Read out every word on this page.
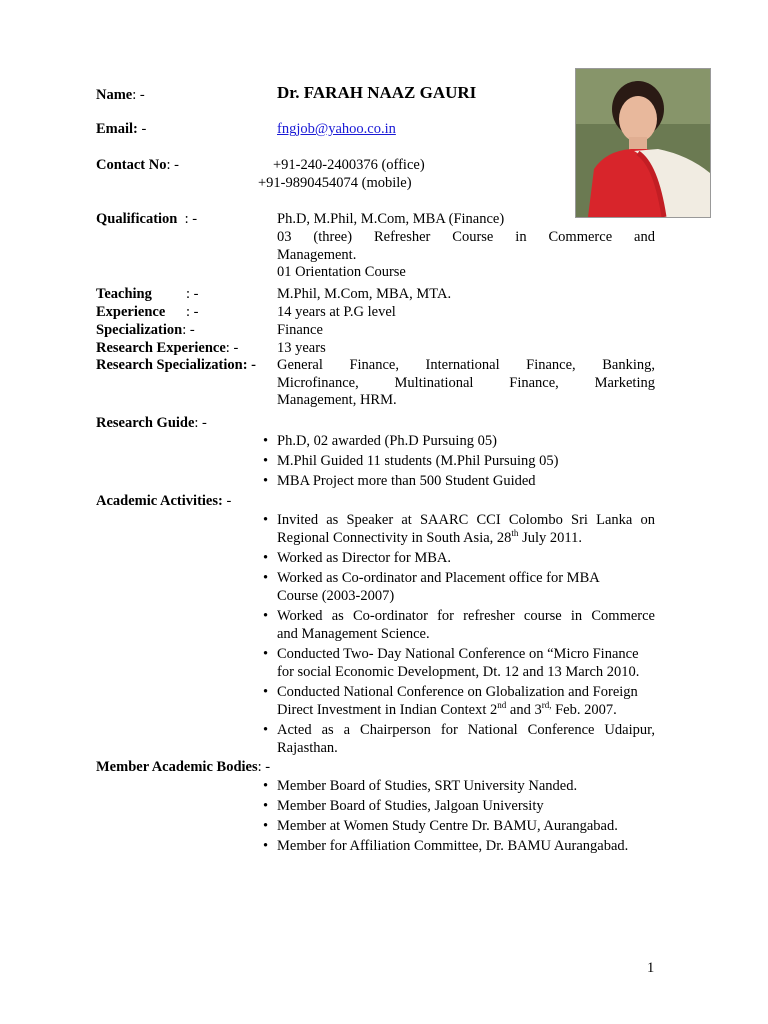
Name: -	Dr. FARAH NAAZ GAURI
Email: -	fngjob@yahoo.co.in
Contact No: -	+91-240-2400376 (office)
+91-9890454074 (mobile)
Qualification : -	Ph.D, M.Phil, M.Com, MBA (Finance)
03 (three) Refresher Course in Commerce and
Management.
01 Orientation Course
Teaching : -	M.Phil, M.Com, MBA, MTA.
Experience : -	14 years at P.G level
Specialization: -	Finance
Research Experience: -	13 years
Research Specialization: - General Finance, International Finance, Banking,
Microfinance, Multinational Finance, Marketing
Management, HRM.
Research Guide: -
• Ph.D, 02 awarded (Ph.D Pursuing 05)
• M.Phil Guided 11 students (M.Phil Pursuing 05)
• MBA Project more than 500 Student Guided
Academic Activities: -
• Invited as Speaker at SAARC CCI Colombo Sri Lanka on
Regional Connectivity in South Asia, 28th July 2011.
• Worked as Director for MBA.
• Worked as Co-ordinator and Placement office for MBA
Course (2003-2007)
• Worked as Co-ordinator for refresher course in Commerce
and Management Science.
• Conducted Two- Day National Conference on “Micro Finance
for social Economic Development, Dt. 12 and 13 March 2010.
• Conducted National Conference on Globalization and Foreign
Direct Investment in Indian Context 2nd and $3^{rd,}$ Feb. 2007.
• Acted as a Chairperson for National Conference Udaipur,
Rajasthan.
Member Academic Bodies: -
• Member Board of Studies, SRT University Nanded.
• Member Board of Studies, Jalgoan University
• Member at Women Study Centre Dr. BAMU, Aurangabad.
• Member for Affiliation Committee, Dr. BAMU Aurangabad.
1
